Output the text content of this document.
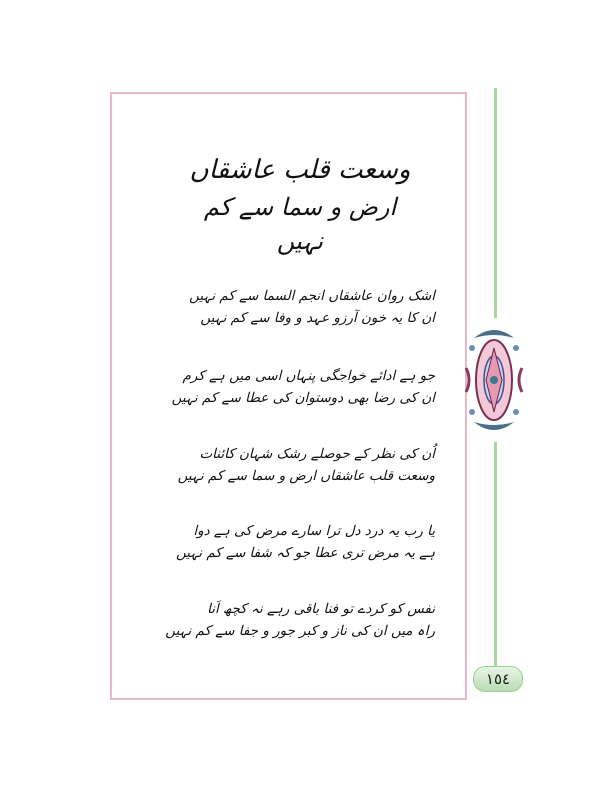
وسعت قلب عاشقاں
ارض و سما سے کم نہیں
اشک روان عاشقاں انجم السما سے کم نہیں
ان کا یہ خون آرزو عہد و وفا سے کم نہیں
جو ہے ادائے خواجگی پنہاں اسی میں ہے کرم
ان کی رضا بھی دوستوان کی عطا سے کم نہیں
اُن کی نظر کے حوصلے رشک شہان کائنات
وسعت قلب عاشقاں ارض و سما سے کم نہیں
یا رب یہ درد دل ترا سارے مرض کی ہے دوا
ہے یہ مرض تری عطا جو کہ شفا سے کم نہیں
نفس کو کردے تو فنا باقی رہے نہ کچھ اَنا
راہ میں ان کی ناز و کبر جور و جفا سے کم نہیں
١٥٤
